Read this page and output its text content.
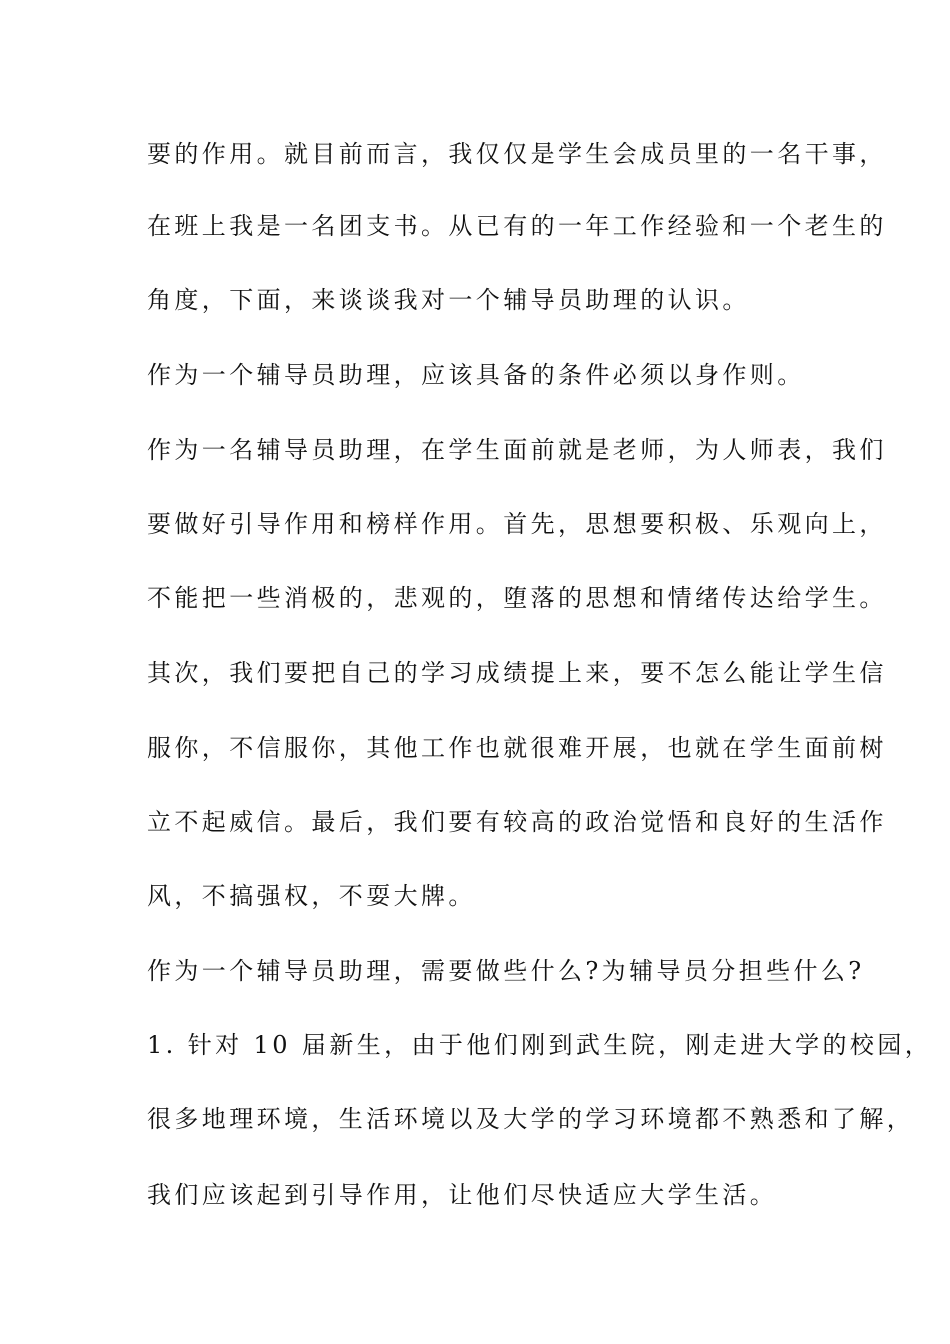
要的作用。就目前而言，我仅仅是学生会成员里的一名干事，
在班上我是一名团支书。从已有的一年工作经验和一个老生的
角度，下面，来谈谈我对一个辅导员助理的认识。
作为一个辅导员助理，应该具备的条件必须以身作则。
作为一名辅导员助理，在学生面前就是老师，为人师表，我们
要做好引导作用和榜样作用。首先，思想要积极、乐观向上，
不能把一些消极的，悲观的，堕落的思想和情绪传达给学生。
其次，我们要把自己的学习成绩提上来，要不怎么能让学生信
服你，不信服你，其他工作也就很难开展，也就在学生面前树
立不起威信。最后，我们要有较高的政治觉悟和良好的生活作
风，不搞强权，不耍大牌。
作为一个辅导员助理，需要做些什么?为辅导员分担些什么?
1. 针对 10 届新生，由于他们刚到武生院，刚走进大学的校园，
很多地理环境，生活环境以及大学的学习环境都不熟悉和了解，
我们应该起到引导作用，让他们尽快适应大学生活。
